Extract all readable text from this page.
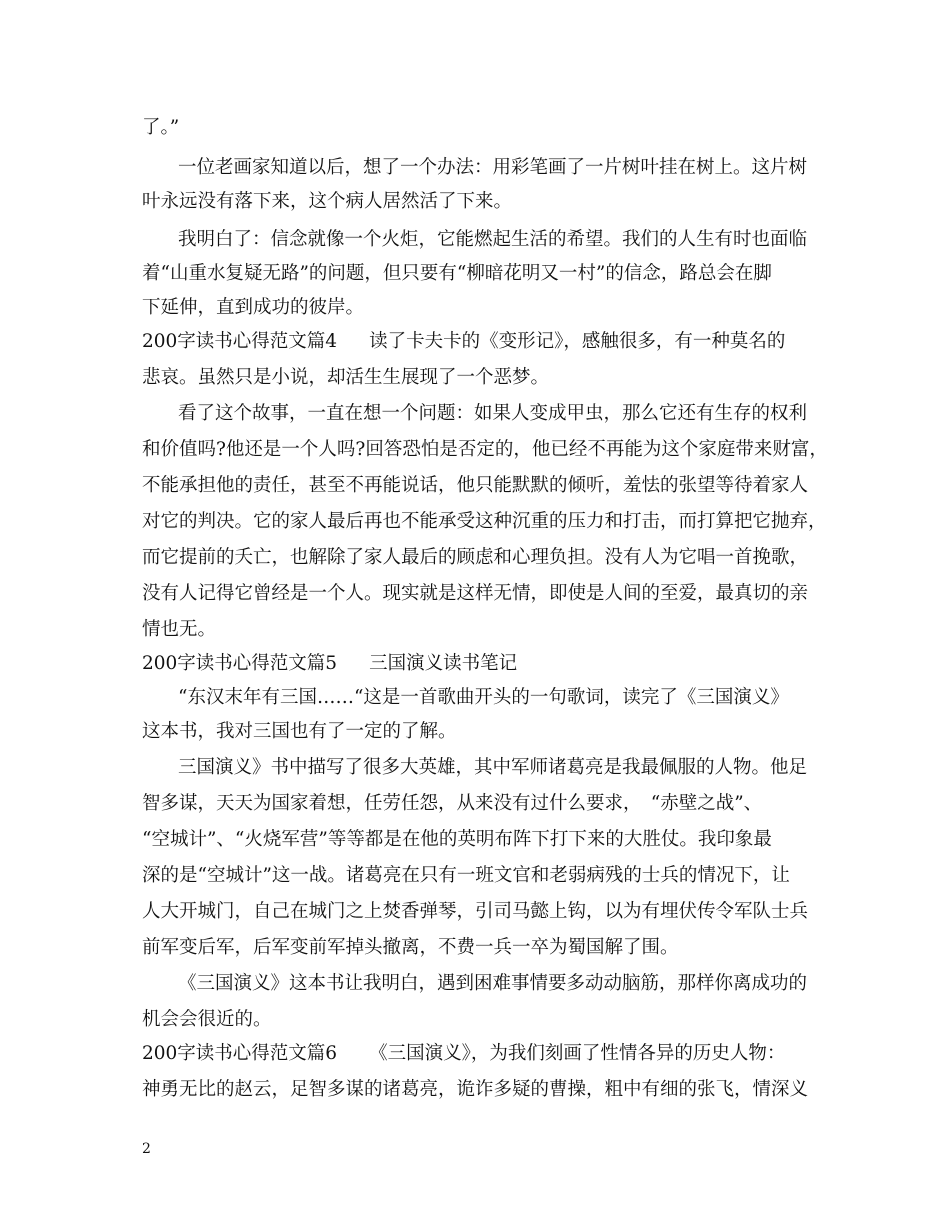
了。”

一位老画家知道以后，想了一个办法：用彩笔画了一片树叶挂在树上。这片树

叶永远没有落下来，这个病人居然活了下来。

我明白了：信念就像一个火炬，它能燃起生活的希望。我们的人生有时也面临

着“山重水复疑无路”的问题，但只要有“柳暗花明又一村”的信念，路总会在脚

下延伸，直到成功的彼岸。

200字读书心得范文篇4 读了卡夫卡的《变形记》，感触很多，有一种莫名的

悲哀。虽然只是小说，却活生生展现了一个恶梦。

看了这个故事，一直在想一个问题：如果人变成甲虫，那么它还有生存的权利

和价值吗?他还是一个人吗?回答恐怕是否定的，他已经不再能为这个家庭带来财富，

不能承担他的责任，甚至不再能说话，他只能默默的倾听，羞怯的张望等待着家人

对它的判决。它的家人最后再也不能承受这种沉重的压力和打击，而打算把它抛弃，

而它提前的夭亡，也解除了家人最后的顾虑和心理负担。没有人为它唱一首挽歌，

没有人记得它曾经是一个人。现实就是这样无情，即使是人间的至爱，最真切的亲

情也无。

200字读书心得范文篇5 三国演义读书笔记

“东汉末年有三国……“这是一首歌曲开头的一句歌词，读完了《三国演义》

这本书，我对三国也有了一定的了解。

三国演义》书中描写了很多大英雄，其中军师诸葛亮是我最佩服的人物。他足

智多谋，天天为国家着想，任劳任怨，从来没有过什么要求，　“赤壁之战”、

“空城计”、“火烧军营”等等都是在他的英明布阵下打下来的大胜仗。我印象最

深的是“空城计”这一战。诸葛亮在只有一班文官和老弱病残的士兵的情况下，让

人大开城门，自己在城门之上焚香弹琴，引司马懿上钩，以为有埋伏传令军队士兵

前军变后军，后军变前军掉头撤离，不费一兵一卒为蜀国解了围。

《三国演义》这本书让我明白，遇到困难事情要多动动脑筋，那样你离成功的

机会会很近的。

200字读书心得范文篇6 《三国演义》，为我们刻画了性情各异的历史人物：

神勇无比的赵云，足智多谋的诸葛亮，诡诈多疑的曹操，粗中有细的张飞，情深义

2
